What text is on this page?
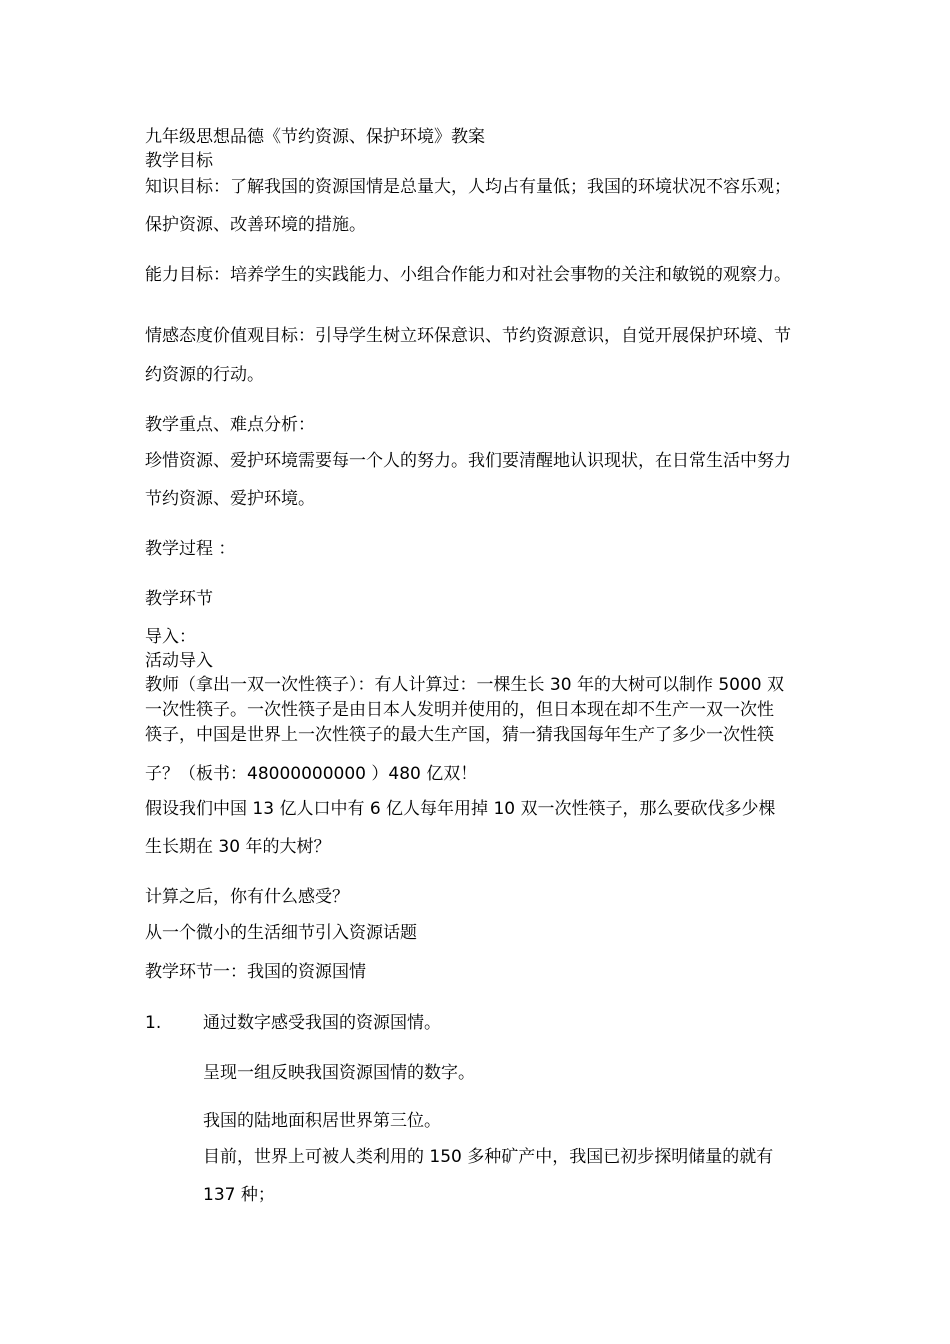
九年级思想品德《节约资源、保护环境》教案
教学目标
知识目标：了解我国的资源国情是总量大，人均占有量低；我国的环境状况不容乐观；
保护资源、改善环境的措施。
能力目标：培养学生的实践能力、小组合作能力和对社会事物的关注和敏锐的观察力。
情感态度价值观目标：引导学生树立环保意识、节约资源意识，自觉开展保护环境、节
约资源的行动。
教学重点、难点分析：
珍惜资源、爱护环境需要每一个人的努力。我们要清醒地认识现状，在日常生活中努力
节约资源、爱护环境。
教学过程 ：
教学环节
导入：
活动导入
教师（拿出一双一次性筷子）：有人计算过：一棵生长 30 年的大树可以制作 5000 双
一次性筷子。一次性筷子是由日本人发明并使用的，但日本现在却不生产一双一次性
筷子，中国是世界上一次性筷子的最大生产国，猜一猜我国每年生产了多少一次性筷
子？（板书：48000000000 ）480 亿双！
假设我们中国 13 亿人口中有 6 亿人每年用掉 10 双一次性筷子，那么要砍伐多少棵
生长期在 30 年的大树？
计算之后，你有什么感受？
从一个微小的生活细节引入资源话题
教学环节一：我国的资源国情
1. 通过数字感受我国的资源国情。
呈现一组反映我国资源国情的数字。
我国的陆地面积居世界第三位。
目前，世界上可被人类利用的 150 多种矿产中，我国已初步探明储量的就有
137 种；
